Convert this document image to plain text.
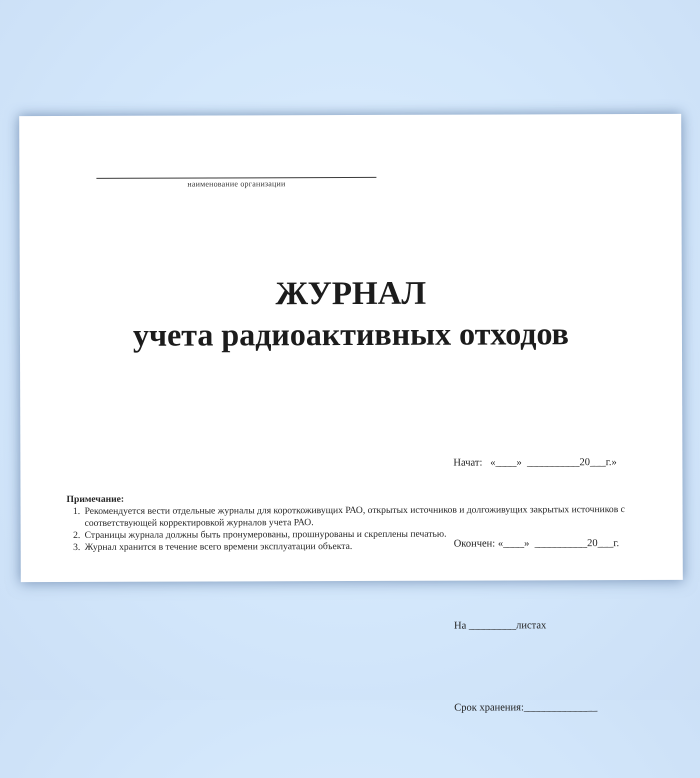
наименование организации
ЖУРНАЛ
учета радиоактивных отходов

Начат:   «____»  __________20___г.»

Окончен: «____»  __________20___г.

На _________листах

Срок хранения:______________

Примечание:
1. Рекомендуется вести отдельные журналы для короткоживущих РАО, открытых источников и долгоживущих закрытых источников с соответствующей корректировкой журналов учета РАО.
2. Страницы журнала должны быть пронумерованы, прошнурованы и скреплены печатью.
3. Журнал хранится в течение всего времени эксплуатации объекта.
